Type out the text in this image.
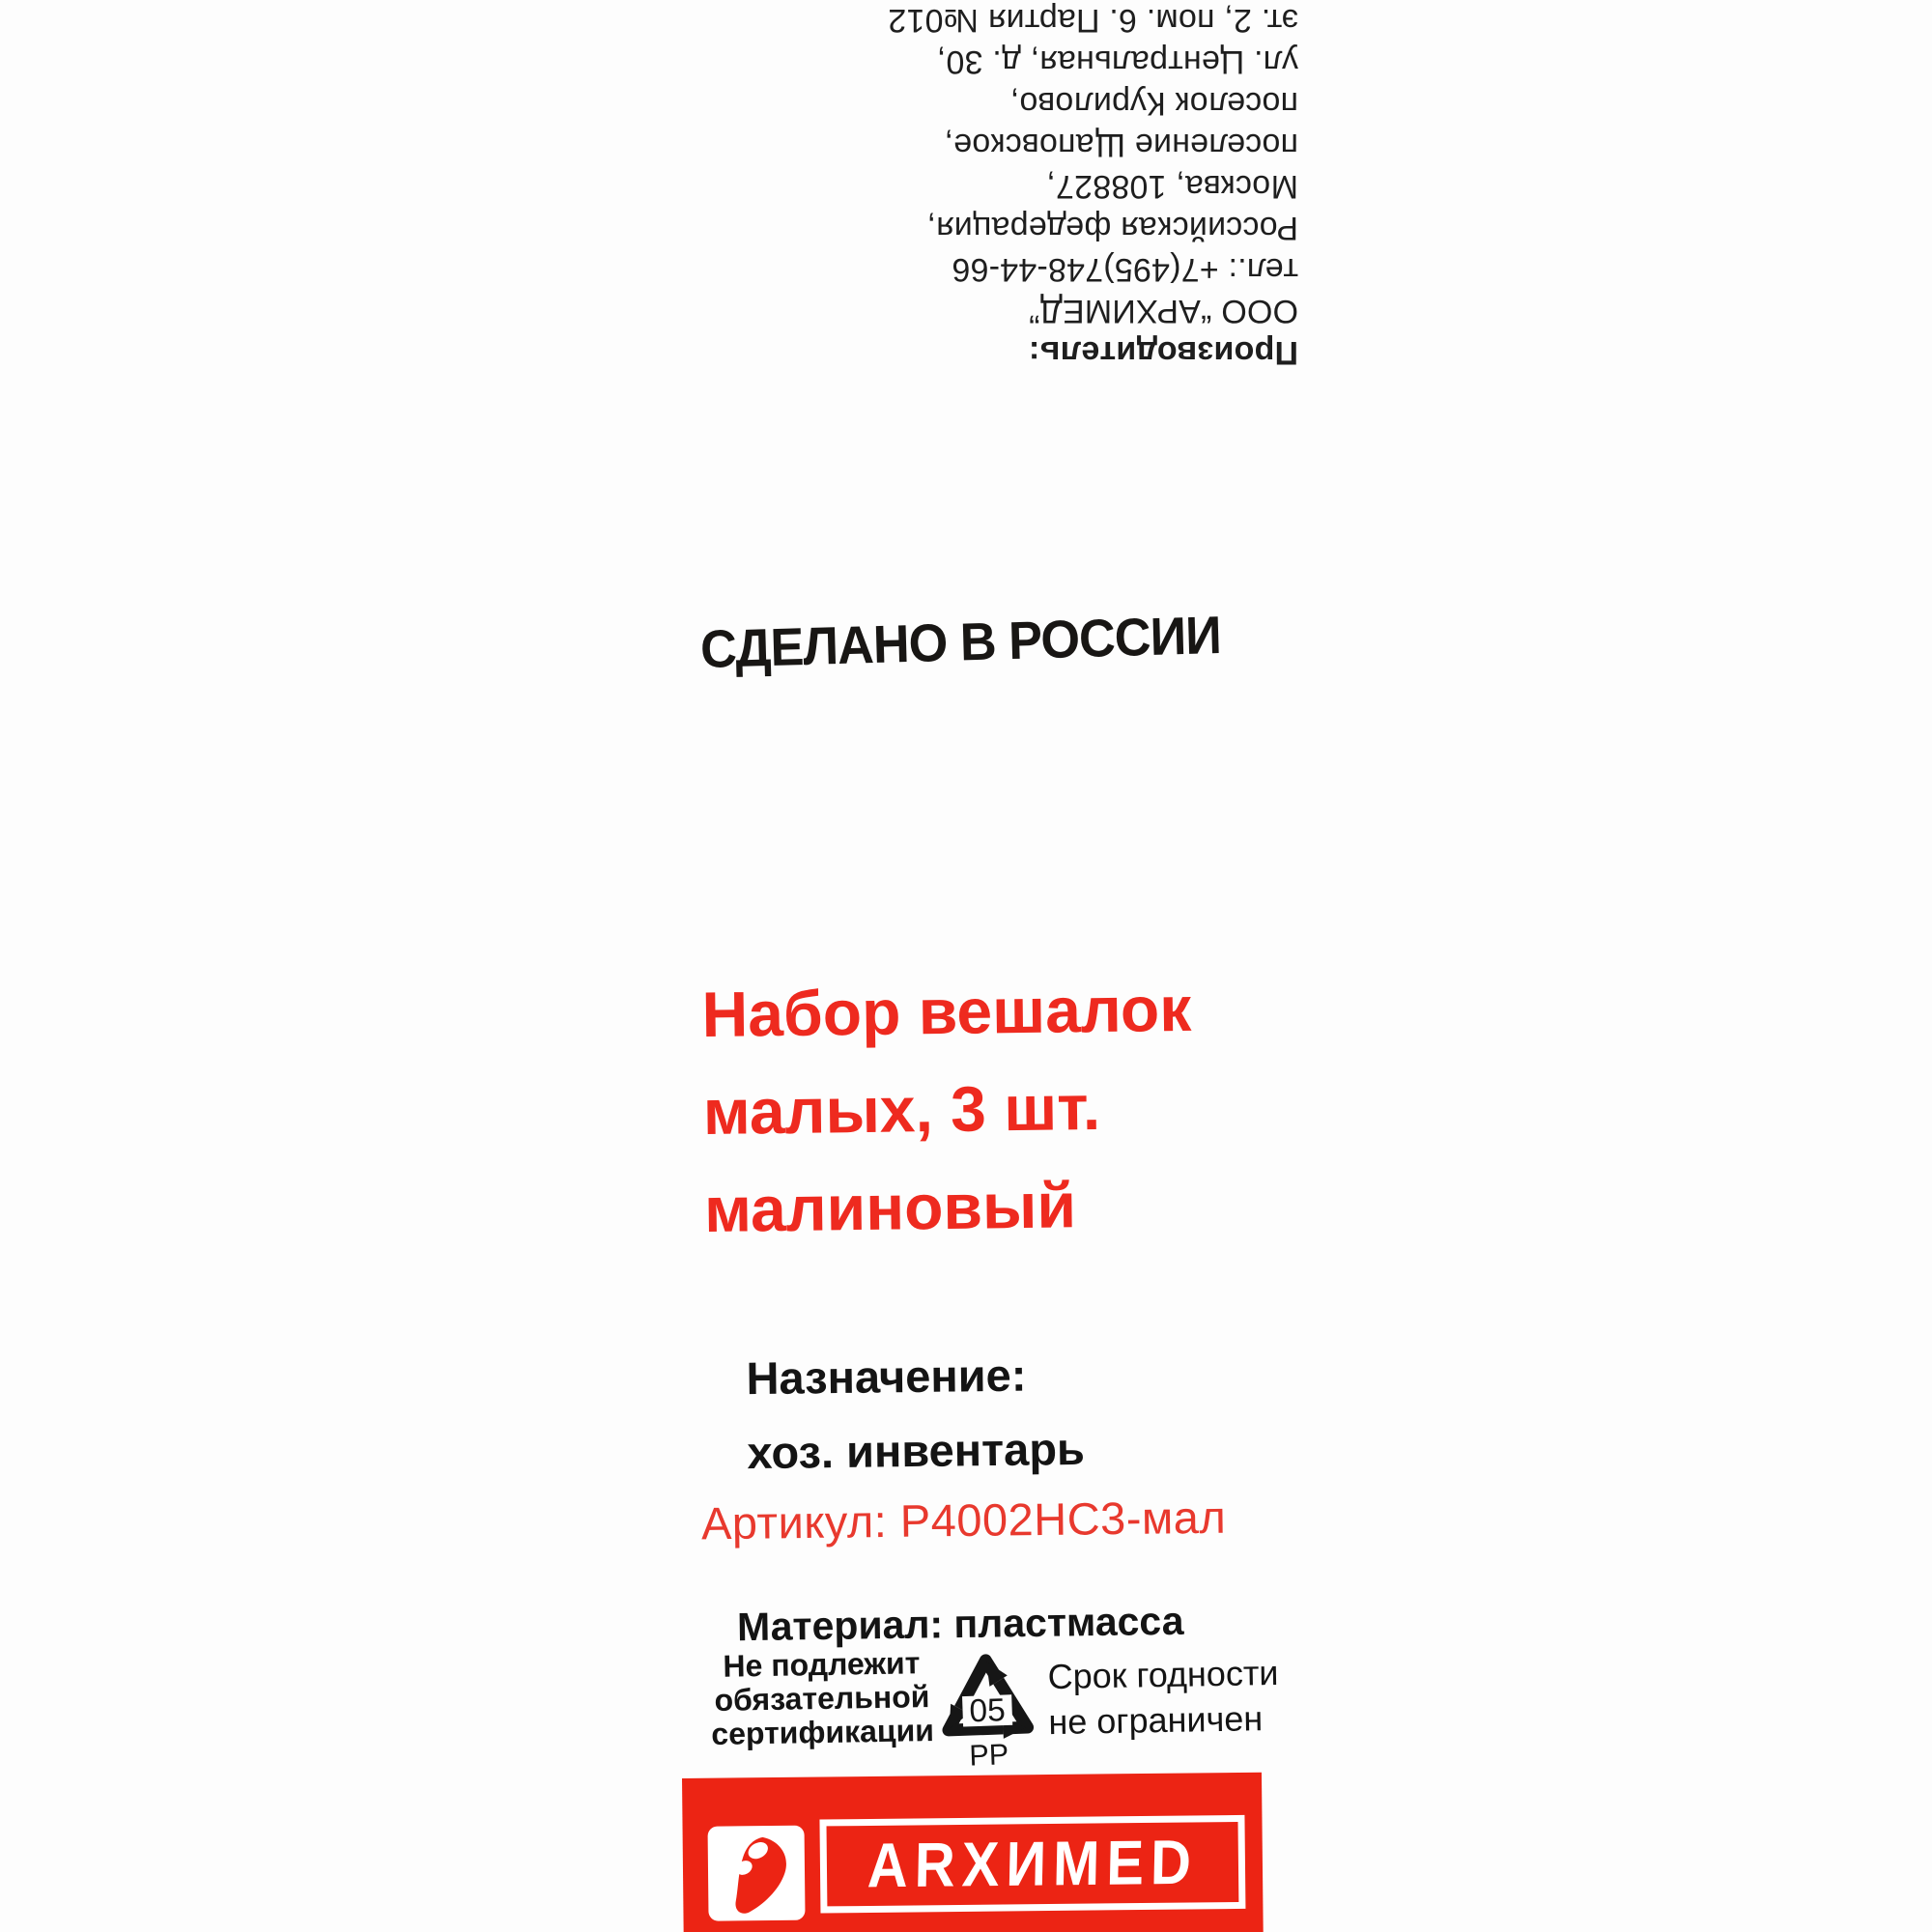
Производитель:
ООО “АРХИМЕД”
тел.: +7(495)748-44-66
Российская федерация,
Москва, 108827,
поселение Щаповское,
поселок Курилово,
ул. Центральная, д. 30,
эт. 2, пом. 6. Партия №012
СДЕЛАНО В РОССИИ
Набор вешалок
малых, 3 шт.
малиновый
Назначение:
хоз. инвентарь
Артикул: P4002HC3-мал
Материал: пластмасса
Не подлежит
обязательной
сертификации
05
PP
Срок годности
не ограничен
ARXИMED
